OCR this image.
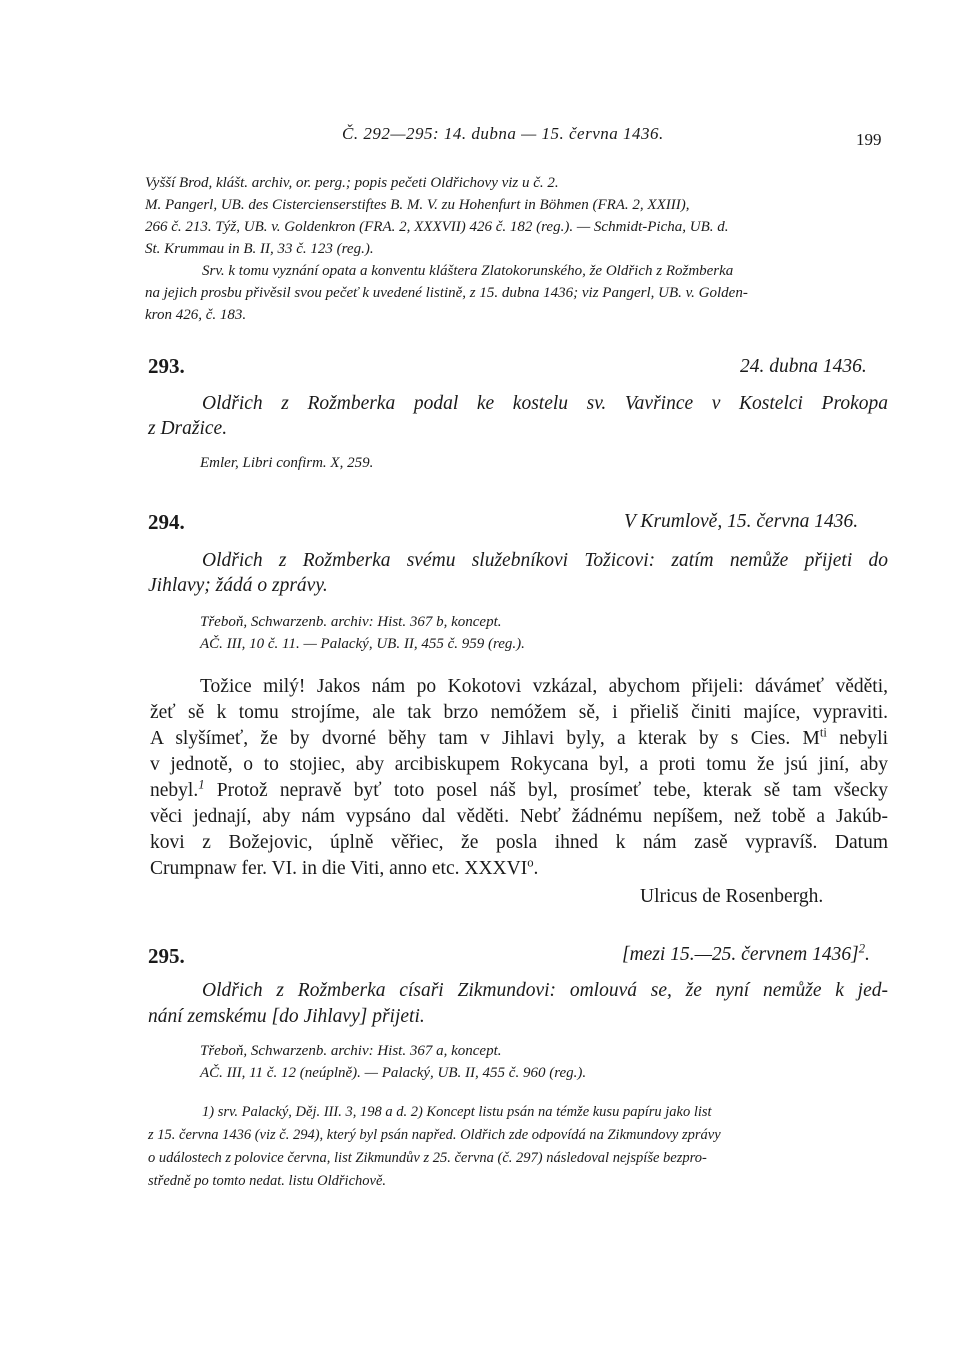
Č. 292—295: 14. dubna — 15. června 1436.	199
Vyšší Brod, klášt. archiv, or. perg.; popis pečeti Oldřichovy viz u č. 2.
M. Pangerl, UB. des Cistercienserstiftes B. M. V. zu Hohenfurt in Böhmen (FRA. 2, XXIII),
266 č. 213. Týž, UB. v. Goldenkron (FRA. 2, XXXVII) 426 č. 182 (reg.). — Schmidt-Picha, UB. d.
St. Krummau in B. II, 33 č. 123 (reg.).
Srv. k tomu vyznání opata a konventu kláštera Zlatokorunského, že Oldřich z Rožmberka
na jejich prosbu přivěsil svou pečeť k uvedené listině, z 15. dubna 1436; viz Pangerl, UB. v. Golden-
kron 426, č. 183.
293.	24. dubna 1436.
Oldřich z Rožmberka podal ke kostelu sv. Vavřince v Kostelci Prokopa
z Dražice.
Emler, Libri confirm. X, 259.
294.	V Krumlově, 15. června 1436.
Oldřich z Rožmberka svému služebníkovi Tožicovi: zatím nemůže přijeti do
Jihlavy; žádá o zprávy.
Třeboň, Schwarzenb. archiv: Hist. 367 b, koncept.
AČ. III, 10 č. 11. — Palacký, UB. II, 455 č. 959 (reg.).
Tožice milý! Jakos nám po Kokotovi vzkázal, abychom přijeli: dávámeť věděti,
žeť sě k tomu strojíme, ale tak brzo nemóžem sě, i přieliš činiti majíce, vypraviti.
A slyšímeť, že by dvorné běhy tam v Jihlavi byly, a kterak by s Cies. $M^{ti}$ nebyli
v jednotě, o to stojiec, aby arcibiskupem Rokycana byl, a proti tomu že jsú jiní, aby
nebyl.$^1$ Protož nepravě byť toto posel náš byl, prosímeť tebe, kterak sě tam všecky
věci jednají, aby nám vypsáno dal věděti. Nebť žádnému nepíšem, než tobě a Jakúb-
kovi z Božejovic, úplně věřiec, že posla ihned k nám zasě vypravíš. Datum
Crumpnaw fer. VI. in die Viti, anno etc. XXXVI$^o$.
Ulricus de Rosenbergh.
295.	[mezi 15.—25. červnem 1436]$^2$.
Oldřich z Rožmberka císaři Zikmundovi: omlouvá se, že nyní nemůže k jed-
nání zemskému [do Jihlavy] přijeti.
Třeboň, Schwarzenb. archiv: Hist. 367 a, koncept.
AČ. III, 11 č. 12 (neúplně). — Palacký, UB. II, 455 č. 960 (reg.).
1) srv. Palacký, Děj. III. 3, 198 a d. 2) Koncept listu psán na témže kusu papíru jako list
z 15. června 1436 (viz č. 294), který byl psán napřed. Oldřich zde odpovídá na Zikmundovy zprávy
o událostech z polovice června, list Zikmundův z 25. června (č. 297) následoval nejspíše bezpro-
středně po tomto nedat. listu Oldřichově.
